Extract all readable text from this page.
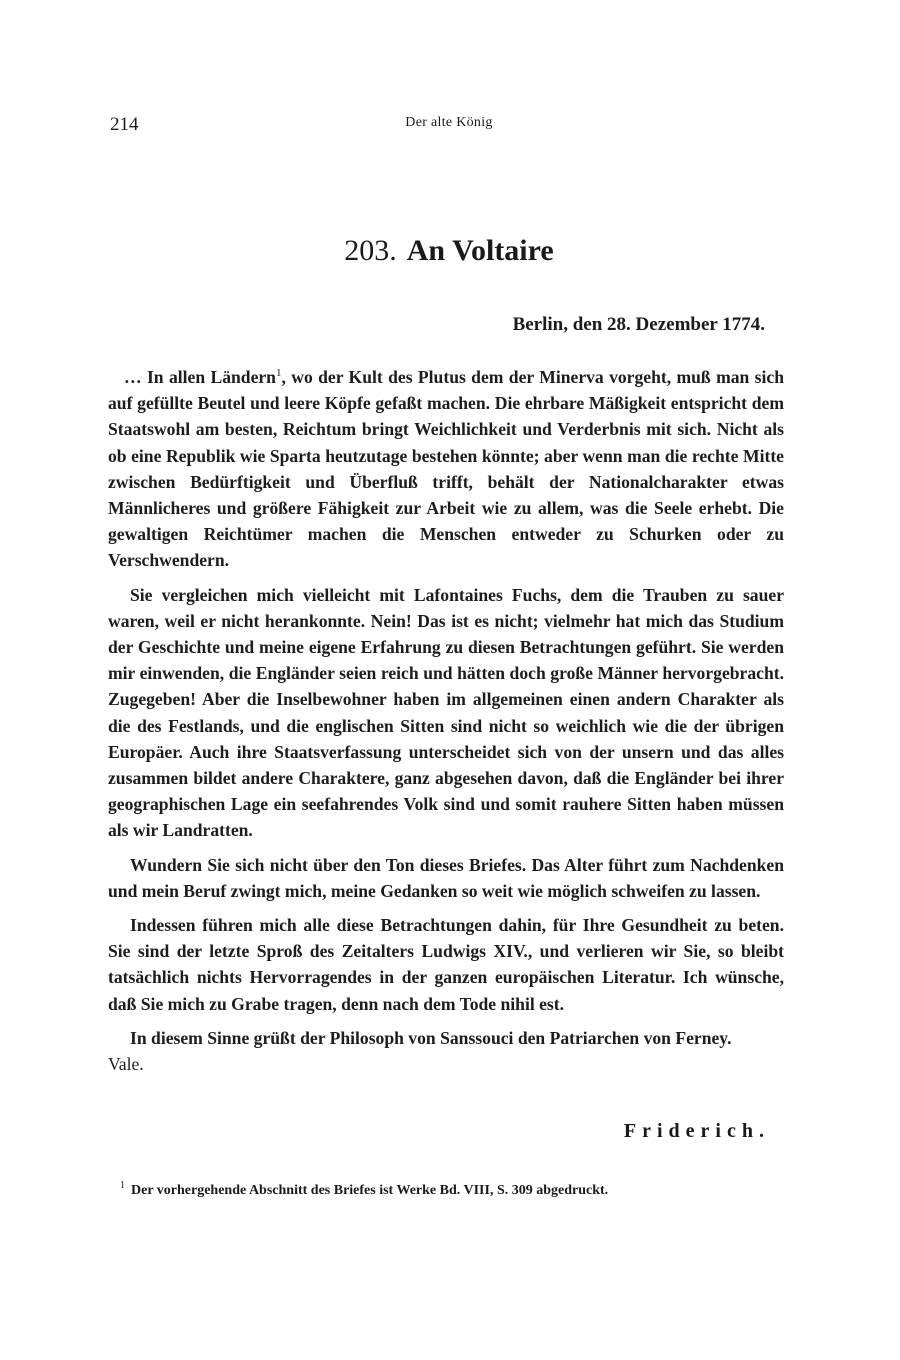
214	Der alte König
203. An Voltaire
Berlin, den 28. Dezember 1774.

… In allen Ländern$^1$, wo der Kult des Plutus dem der Minerva vorgeht, muß man sich auf gefüllte Beutel und leere Köpfe gefaßt machen. Die ehrbare Mäßigkeit entspricht dem Staatswohl am besten, Reichtum bringt Weichlichkeit und Verderbnis mit sich. Nicht als ob eine Republik wie Sparta heutzutage bestehen könnte; aber wenn man die rechte Mitte zwischen Bedürftigkeit und Überfluß trifft, behält der Nationalcharakter etwas Männlicheres und größere Fähigkeit zur Arbeit wie zu allem, was die Seele erhebt. Die gewaltigen Reichtümer machen die Menschen entweder zu Schurken oder zu Verschwendern.

Sie vergleichen mich vielleicht mit Lafontaines Fuchs, dem die Trauben zu sauer waren, weil er nicht herankonnte. Nein! Das ist es nicht; vielmehr hat mich das Studium der Geschichte und meine eigene Erfahrung zu diesen Betrachtungen geführt. Sie werden mir einwenden, die Engländer seien reich und hätten doch große Männer hervorgebracht. Zugegeben! Aber die Inselbewohner haben im allgemeinen einen andern Charakter als die des Festlands, und die englischen Sitten sind nicht so weichlich wie die der übrigen Europäer. Auch ihre Staatsverfassung unterscheidet sich von der unsern und das alles zusammen bildet andere Charaktere, ganz abgesehen davon, daß die Engländer bei ihrer geographischen Lage ein seefahrendes Volk sind und somit rauhere Sitten haben müssen als wir Landratten.

Wundern Sie sich nicht über den Ton dieses Briefes. Das Alter führt zum Nachdenken und mein Beruf zwingt mich, meine Gedanken so weit wie möglich schweifen zu lassen.

Indessen führen mich alle diese Betrachtungen dahin, für Ihre Gesundheit zu beten. Sie sind der letzte Sproß des Zeitalters Ludwigs XIV., und verlieren wir Sie, so bleibt tatsächlich nichts Hervorragendes in der ganzen europäischen Literatur. Ich wünsche, daß Sie mich zu Grabe tragen, denn nach dem Tode nihil est.

In diesem Sinne grüßt der Philosoph von Sanssouci den Patriarchen von Ferney.
Vale.

Friderich.
$^1$ Der vorhergehende Abschnitt des Briefes ist Werke Bd. VIII, S. 309 abgedruckt.
